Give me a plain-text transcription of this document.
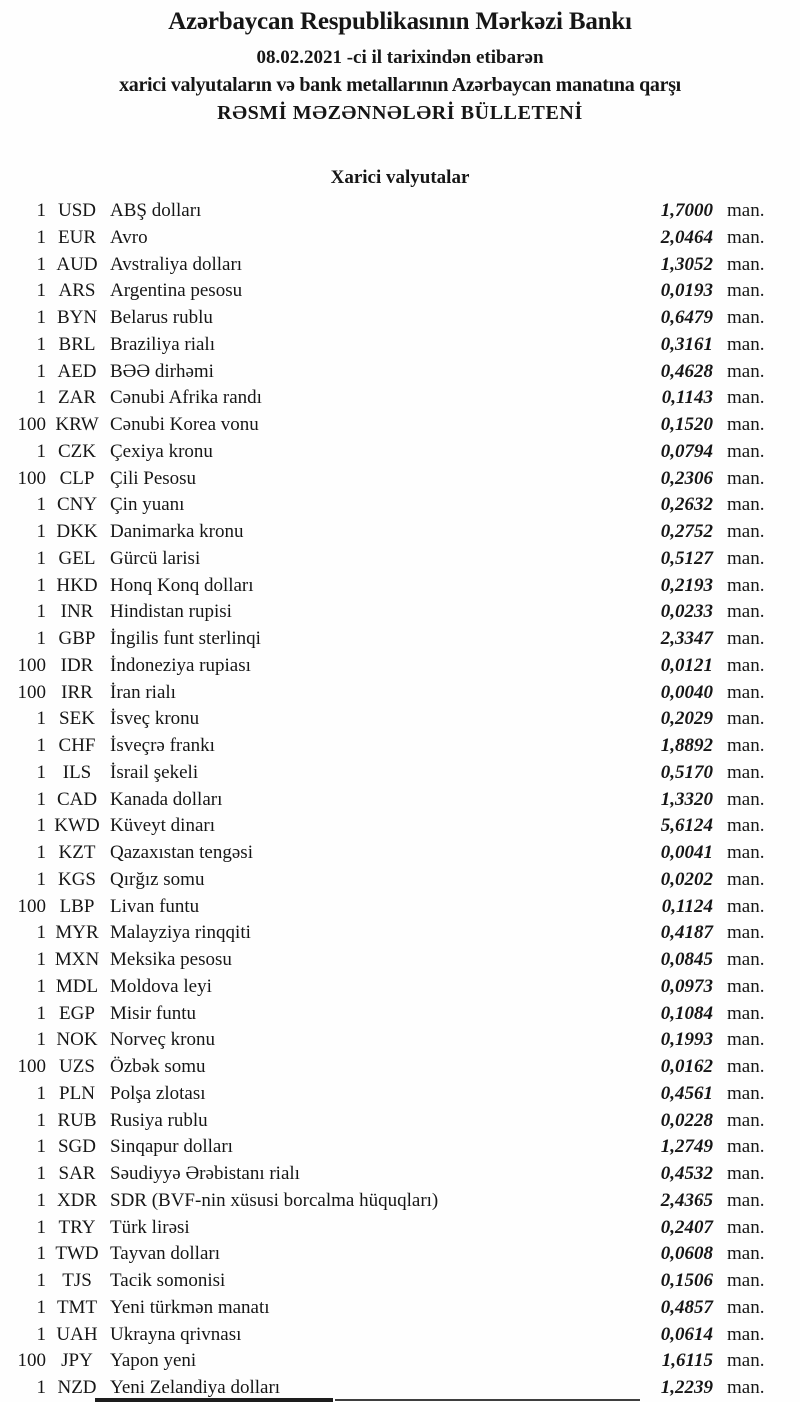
Azərbaycan Respublikasının Mərkəzi Bankı
08.02.2021 -ci il tarixindən etibarən
xarici valyutaların və bank metallarının Azərbaycan manatına qarşı
RƏSMİ MƏZƏNNƏLƏRİ BÜLLETENİ
Xarici valyutalar
1 USD ABŞ dolları	1,7000 man.
1 EUR Avro	2,0464 man.
1 AUD Avstraliya dolları	1,3052 man.
1 ARS Argentina pesosu	0,0193 man.
1 BYN Belarus rublu	0,6479 man.
1 BRL Braziliya rialı	0,3161 man.
1 AED BƏƏ dirhəmi	0,4628 man.
1 ZAR Cənubi Afrika randı	0,1143 man.
100 KRW Cənubi Korea vonu	0,1520 man.
1 CZK Çexiya kronu	0,0794 man.
100 CLP Çili Pesosu	0,2306 man.
1 CNY Çin yuanı	0,2632 man.
1 DKK Danimarka kronu	0,2752 man.
1 GEL Gürcü larisi	0,5127 man.
1 HKD Honq Konq dolları	0,2193 man.
1 INR Hindistan rupisi	0,0233 man.
1 GBP İngilis funt sterlinqi	2,3347 man.
100 IDR İndoneziya rupiası	0,0121 man.
100 IRR İran rialı	0,0040 man.
1 SEK İsveç kronu	0,2029 man.
1 CHF İsveçrə frankı	1,8892 man.
1 ILS İsrail şekeli	0,5170 man.
1 CAD Kanada dolları	1,3320 man.
1 KWD Küveyt dinarı	5,6124 man.
1 KZT Qazaxıstan tengəsi	0,0041 man.
1 KGS Qırğız somu	0,0202 man.
100 LBP Livan funtu	0,1124 man.
1 MYR Malayziya rinqqiti	0,4187 man.
1 MXN Meksika pesosu	0,0845 man.
1 MDL Moldova leyi	0,0973 man.
1 EGP Misir funtu	0,1084 man.
1 NOK Norveç kronu	0,1993 man.
100 UZS Özbək somu	0,0162 man.
1 PLN Polşa zlotası	0,4561 man.
1 RUB Rusiya rublu	0,0228 man.
1 SGD Sinqapur dolları	1,2749 man.
1 SAR Səudiyyə Ərəbistanı rialı	0,4532 man.
1 XDR SDR (BVF-nin xüsusi borcalma hüquqları)	2,4365 man.
1 TRY Türk lirəsi	0,2407 man.
1 TWD Tayvan dolları	0,0608 man.
1 TJS Tacik somonisi	0,1506 man.
1 TMT Yeni türkmən manatı	0,4857 man.
1 UAH Ukrayna qrivnası	0,0614 man.
100 JPY Yapon yeni	1,6115 man.
1 NZD Yeni Zelandiya dolları	1,2239 man.
